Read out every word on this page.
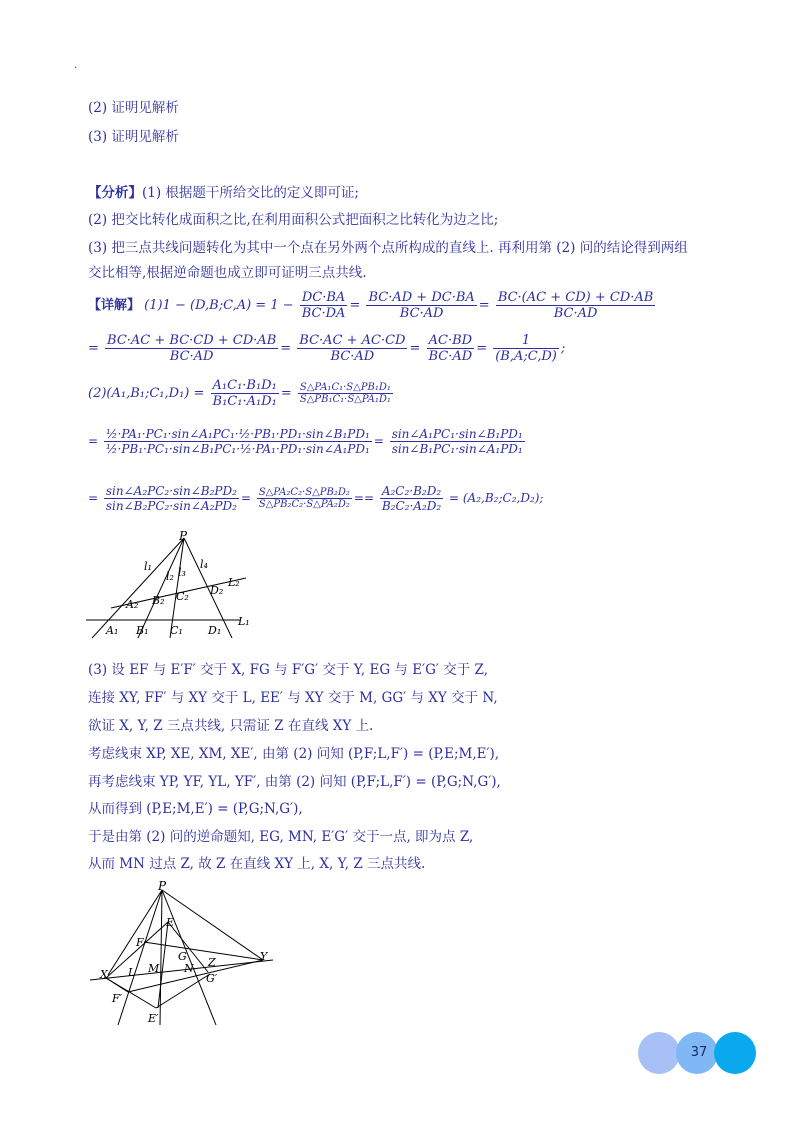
.
(2) 证明见解析
(3) 证明见解析
【分析】(1) 根据题干所给交比的定义即可证;
(2) 把交比转化成面积之比,在利用面积公式把面积之比转化为边之比;
(3) 把三点共线问题转化为其中一个点在另外两个点所构成的直线上. 再利用第 (2) 问的结论得到两组
交比相等,根据逆命题也成立即可证明三点共线.
【详解】 (1)1 − (D,B;C,A) = $1 - \frac{DC\cdot BA}{BC\cdot DA} = \frac{BC\cdot AD + DC\cdot BA}{BC\cdot AD} = \frac{BC\cdot(AC + CD) + CD\cdot AB}{BC\cdot AD}$
= $\frac{BC\cdot AC + BC\cdot CD + CD\cdot AB}{BC\cdot AD} = \frac{BC\cdot AC + AC\cdot CD}{BC\cdot AD} = \frac{AC\cdot BD}{BC\cdot AD} = \frac{1}{(B,A;C,D)}$ ;
(2)(A₁,B₁;C₁,D₁) = $\frac{\text{A₁C₁·B₁D₁}}{\text{B₁C₁·A₁D₁}} = \frac{\text{S△PA₁C₁·S△PB₁D₁}}{\text{S△PB₁C₁·S△PA₁D₁}}$
= $\frac{\text{½·PA₁·PC₁·sin∠A₁PC₁·½·PB₁·PD₁·sin∠B₁PD₁}}{\text{½·PB₁·PC₁·sin∠B₁PC₁·½·PA₁·PD₁·sin∠A₁PD₁}} = \frac{\text{sin∠A₁PC₁·sin∠B₁PD₁}}{\text{sin∠B₁PC₁·sin∠A₁PD₁}}$
= $\frac{\text{sin∠A₂PC₂·sin∠B₂PD₂}}{\text{sin∠B₂PC₂·sin∠A₂PD₂}} = \frac{\text{S△PA₂C₂·S△PB₂D₂}}{\text{S△PB₂C₂·S△PA₂D₂}} == \frac{\text{A₂C₂·B₂D₂}}{\text{B₂C₂·A₂D₂}}$ = (A₂,B₂;C₂,D₂);
P
l₁
l₂ l₃
l₄
L₂
L₁
A₂ B₂ C₂ D₂
A₁ B₁ C₁ D₁
(3) 设 EF 与 E′F′ 交于 X, FG 与 F′G′ 交于 Y, EG 与 E′G′ 交于 Z,
连接 XY, FF′ 与 XY 交于 L, EE′ 与 XY 交于 M, GG′ 与 XY 交于 N,
欲证 X, Y, Z 三点共线, 只需证 Z 在直线 XY 上.
考虑线束 XP, XE, XM, XE′, 由第 (2) 问知 (P,F;L,F′) = (P,E;M,E′),
再考虑线束 YP, YF, YL, YF′, 由第 (2) 问知 (P,F;L,F′) = (P,G;N,G′),
从而得到 (P,E;M,E′) = (P,G;N,G′),
于是由第 (2) 问的逆命题知, EG, MN, E′G′ 交于一点, 即为点 Z,
从而 MN 过点 Z, 故 Z 在直线 XY 上, X, Y, Z 三点共线.
P
E
F
G Z	Y
X L M N
G′
F′
E′
37
